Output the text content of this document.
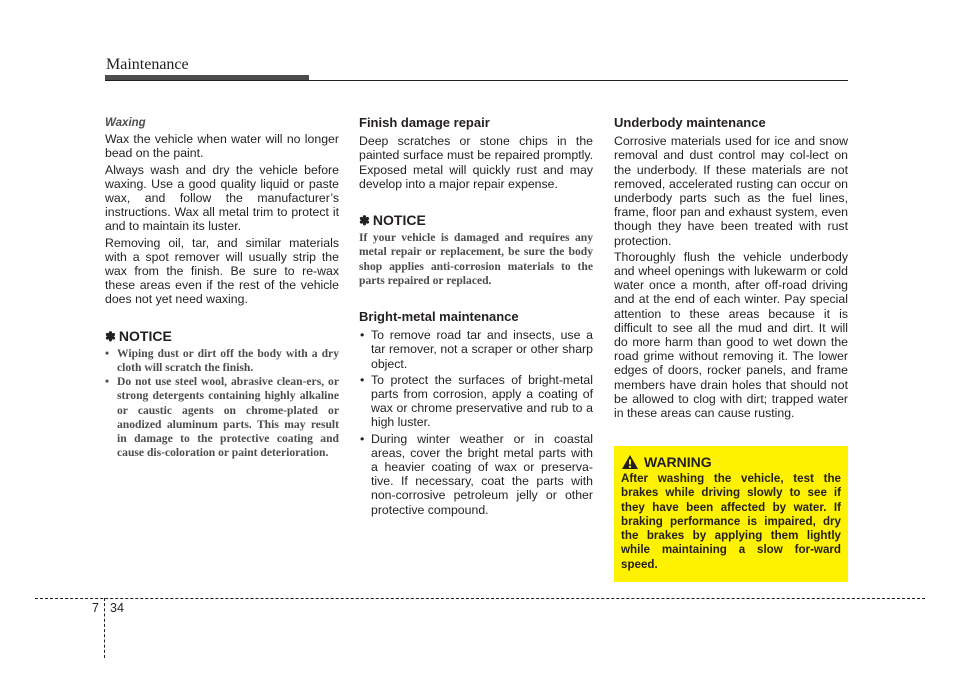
Maintenance
Waxing

Wax the vehicle when water will no longer bead on the paint.

Always wash and dry the vehicle before waxing. Use a good quality liquid or paste wax, and follow the manufacturer’s instructions. Wax all metal trim to protect it and to maintain its luster.

Removing oil, tar, and similar materials with a spot remover will usually strip the wax from the finish. Be sure to re-wax these areas even if the rest of the vehicle does not yet need waxing.

✽ NOTICE
• Wiping dust or dirt off the body with a dry cloth will scratch the finish.
• Do not use steel wool, abrasive clean-ers, or strong detergents containing highly alkaline or caustic agents on chrome-plated or anodized aluminum parts. This may result in damage to the protective coating and cause dis-coloration or paint deterioration.
Finish damage repair

Deep scratches or stone chips in the painted surface must be repaired promptly. Exposed metal will quickly rust and may develop into a major repair expense.

✽ NOTICE
If your vehicle is damaged and requires any metal repair or replacement, be sure the body shop applies anti-corrosion materials to the parts repaired or replaced.
Bright-metal maintenance
• To remove road tar and insects, use a tar remover, not a scraper or other sharp object.
• To protect the surfaces of bright-metal parts from corrosion, apply a coating of wax or chrome preservative and rub to a high luster.
• During winter weather or in coastal areas, cover the bright metal parts with a heavier coating of wax or preserva-tive. If necessary, coat the parts with non-corrosive petroleum jelly or other protective compound.
Underbody maintenance

Corrosive materials used for ice and snow removal and dust control may col-lect on the underbody. If these materials are not removed, accelerated rusting can occur on underbody parts such as the fuel lines, frame, floor pan and exhaust system, even though they have been treated with rust protection.

Thoroughly flush the vehicle underbody and wheel openings with lukewarm or cold water once a month, after off-road driving and at the end of each winter. Pay special attention to these areas because it is difficult to see all the mud and dirt. It will do more harm than good to wet down the road grime without removing it. The lower edges of doors, rocker panels, and frame members have drain holes that should not be allowed to clog with dirt; trapped water in these areas can cause rusting.

WARNING
After washing the vehicle, test the brakes while driving slowly to see if they have been affected by water. If braking performance is impaired, dry the brakes by applying them lightly while maintaining a slow for-ward speed.
7 34
